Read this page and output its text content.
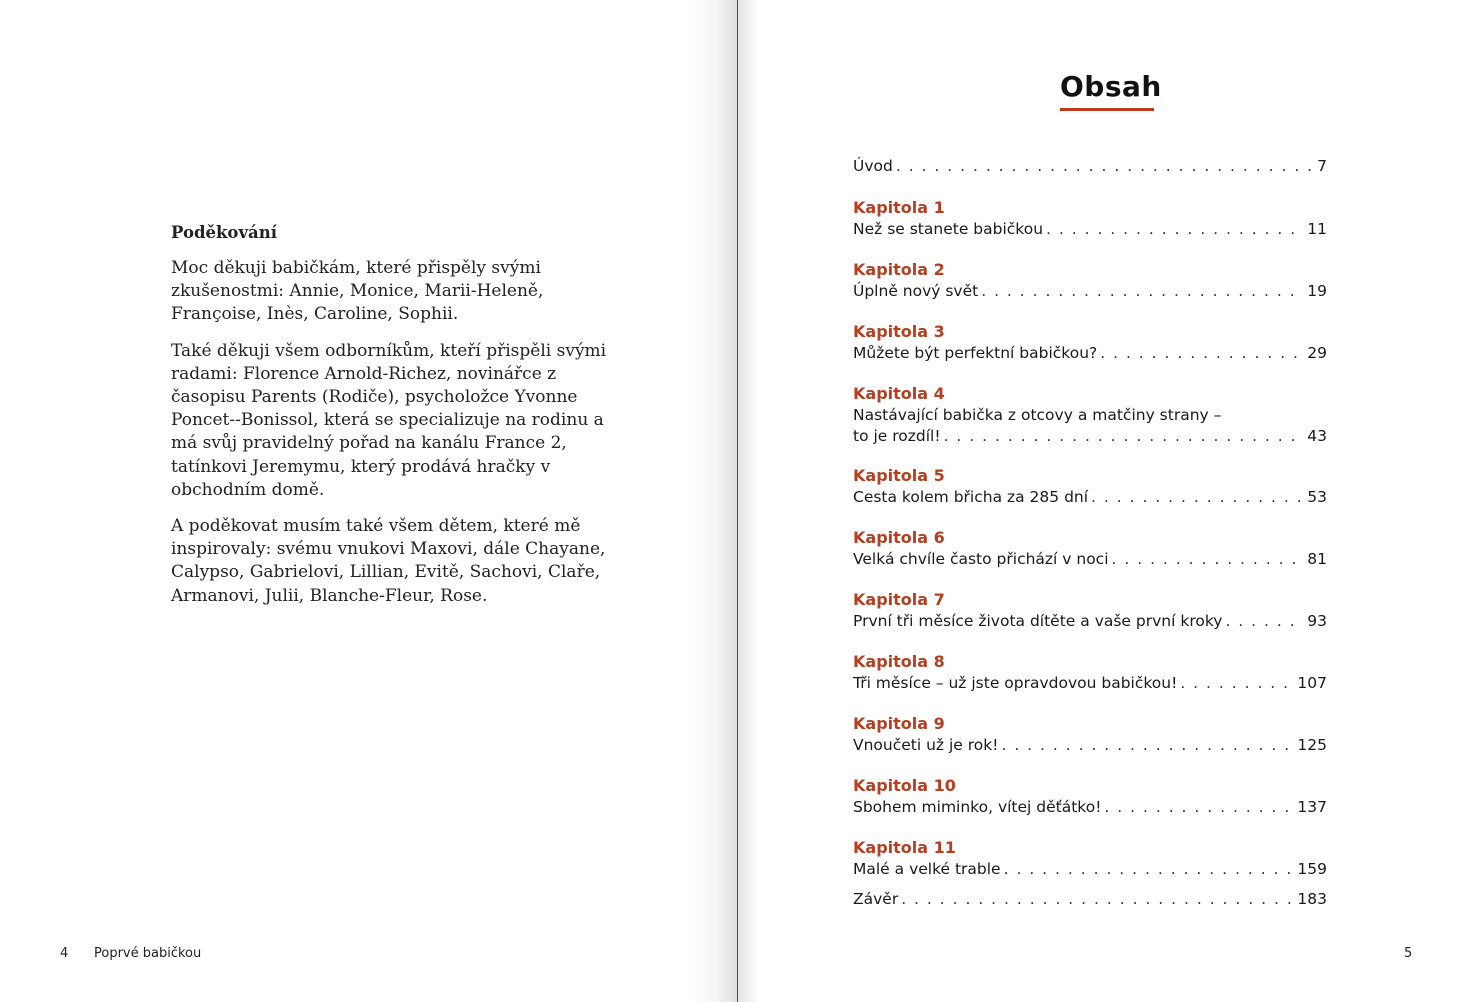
Poděkování

Moc děkuji babičkám, které přispěly svými zkušenostmi: Annie, Monice, Marii-Heleně, Françoise, Inès, Caroline, Sophii.

Také děkuji všem odborníkům, kteří přispěli svými radami: Florence Arnold-Richez, novinářce z časopisu Parents (Rodiče), psycholožce Yvonne Poncet--Bonissol, která se specializuje na rodinu a má svůj pravidelný pořad na kanálu France 2, tatínkovi Jeremymu, který prodává hračky v obchodním domě.

A poděkovat musím také všem dětem, které mě inspirovaly: svému vnukovi Maxovi, dále Chayane, Calypso, Gabrielovi, Lillian, Evitě, Sachovi, Claře, Armanovi, Julii, Blanche-Fleur, Rose.

4 Poprvé babičkou
Obsah
Úvod . . .	7
Kapitola 1
Než se stanete babičkou . . .	11
Kapitola 2
Úplně nový svět . . .	19
Kapitola 3
Můžete být perfektní babičkou? . . .	29
Kapitola 4
Nastávající babička z otcovy a matčiny strany –
to je rozdíl! . . .	43
Kapitola 5
Cesta kolem břicha za 285 dní . . .	53
Kapitola 6
Velká chvíle často přichází v noci . . .	81
Kapitola 7
První tři měsíce života dítěte a vaše první kroky . . .	93
Kapitola 8
Tři měsíce – už jste opravdovou babičkou! . . .	107
Kapitola 9
Vnoučeti už je rok! . . .	125
Kapitola 10
Sbohem miminko, vítej děťátko! . . .	137
Kapitola 11
Malé a velké trable . . .	159
Závěr . . .	183
5
